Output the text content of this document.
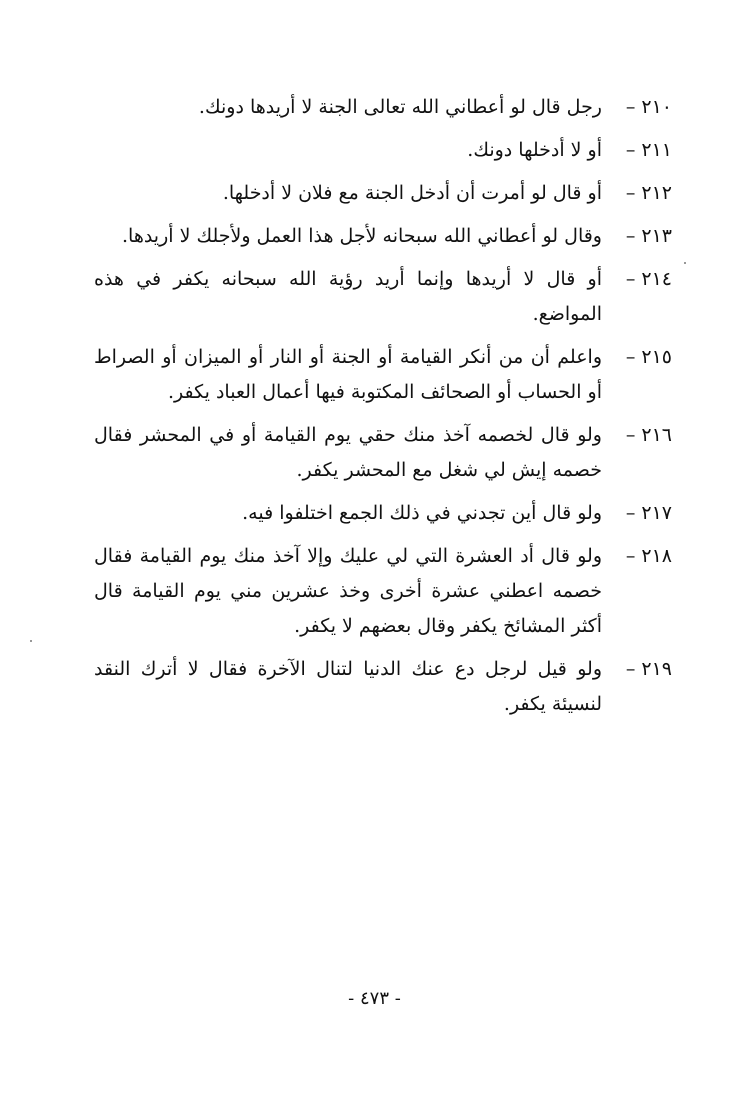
٢١٠ –
رجل قال لو أعطاني الله تعالى الجنة لا أريدها دونك.
٢١١ –
أو لا أدخلها دونك.
٢١٢ –
أو قال لو أمرت أن أدخل الجنة مع فلان لا أدخلها.
٢١٣ –
وقال لو أعطاني الله سبحانه لأجل هذا العمل ولأجلك لا أريدها.
٢١٤ –
أو قال لا أريدها وإنما أريد رؤية الله سبحانه يكفر في هذه المواضع.
٢١٥ –
واعلم أن من أنكر القيامة أو الجنة أو النار أو الميزان أو الصراط أو الحساب أو الصحائف المكتوبة فيها أعمال العباد يكفر.
٢١٦ –
ولو قال لخصمه آخذ منك حقي يوم القيامة أو في المحشر فقال خصمه إيش لي شغل مع المحشر يكفر.
٢١٧ –
ولو قال أين تجدني في ذلك الجمع اختلفوا فيه.
٢١٨ –
ولو قال أد العشرة التي لي عليك وإلا آخذ منك يوم القيامة فقال خصمه اعطني عشرة أخرى وخذ عشرين مني يوم القيامة قال أكثر المشائخ يكفر وقال بعضهم لا يكفر.
٢١٩ –
ولو قيل لرجل دع عنك الدنيا لتنال الآخرة فقال لا أترك النقد لنسيئة يكفر.
- ٤٧٣ -
